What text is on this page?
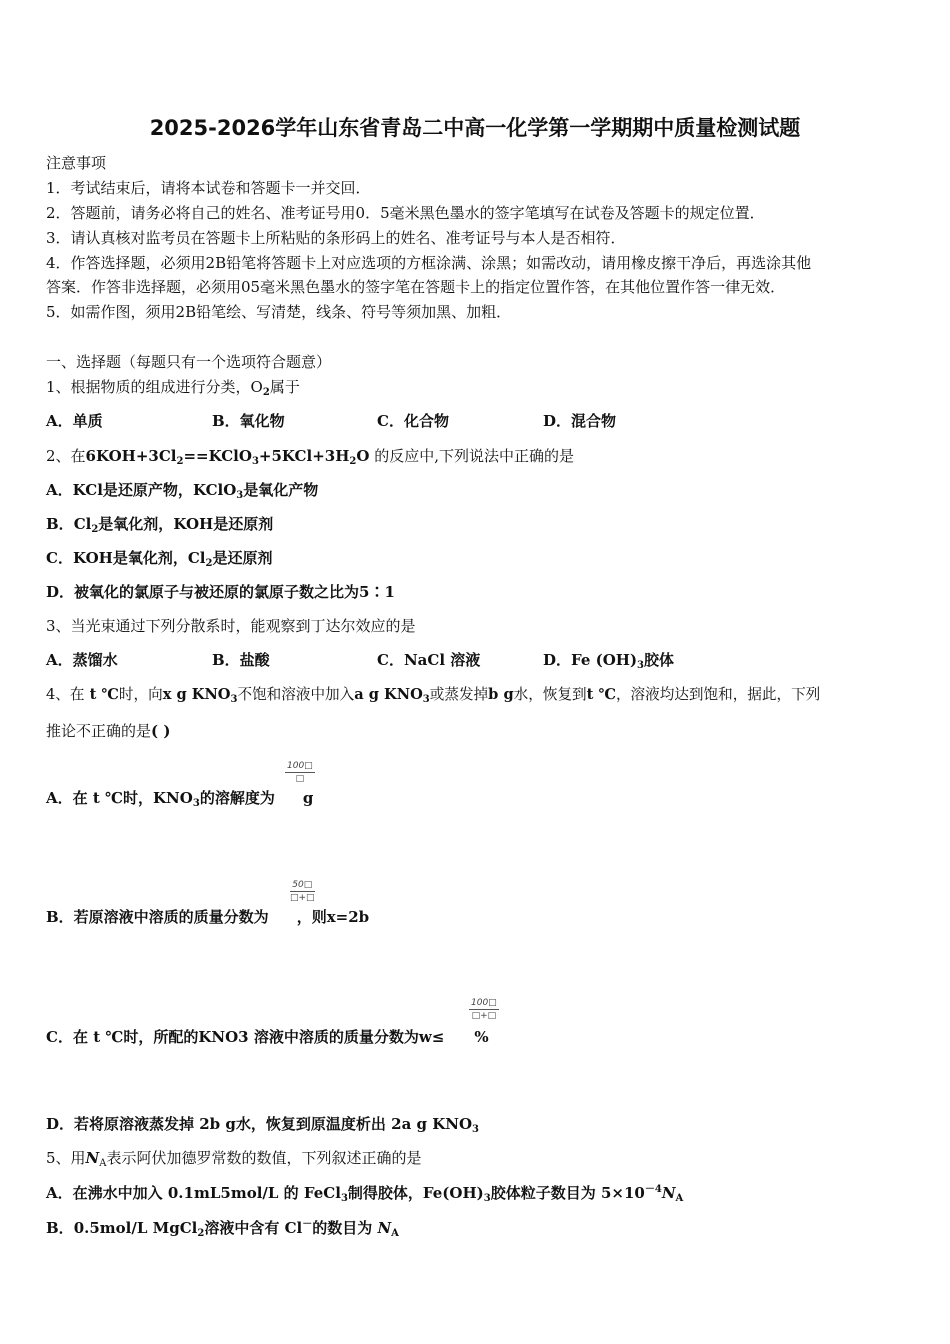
2025-2026学年山东省青岛二中高一化学第一学期期中质量检测试题
注意事项
1．考试结束后，请将本试卷和答题卡一并交回．
2．答题前，请务必将自己的姓名、准考证号用0．5毫米黑色墨水的签字笔填写在试卷及答题卡的规定位置．
3．请认真核对监考员在答题卡上所粘贴的条形码上的姓名、准考证号与本人是否相符．
4．作答选择题，必须用2B铅笔将答题卡上对应选项的方框涂满、涂黑；如需改动，请用橡皮擦干净后，再选涂其他
答案．作答非选择题，必须用05毫米黑色墨水的签字笔在答题卡上的指定位置作答，在其他位置作答一律无效．
5．如需作图，须用2B铅笔绘、写清楚，线条、符号等须加黑、加粗．
一、选择题（每题只有一个选项符合题意）
1、根据物质的组成进行分类，$O_2$属于
A．单质	B．氧化物	C．化合物	D．混合物
2、在$6KOH+3Cl_2==KClO_3+5KCl+3H_2O$ 的反应中,下列说法中正确的是
A．KCl是还原产物，KClO$_3$是氧化产物
B．$Cl_2$是氧化剂，KOH是还原剂
C．KOH是氧化剂，$Cl_2$是还原剂
D．被氧化的氯原子与被还原的氯原子数之比为5∶1
3、当光束通过下列分散系时，能观察到丁达尔效应的是
A．蒸馏水	B．盐酸	C．NaCl 溶液	D．Fe $(OH)_3$胶体
4、在 t ℃时，向x g $KNO_3$不饱和溶液中加入a g $KNO_3$或蒸发掉b g水，恢复到t ℃，溶液均达到饱和，据此，下列
推论不正确的是( )
A．在 t ℃时，$KNO_3$的溶解度为 g
100□
□
B．若原溶液中溶质的质量分数为 ，则x=2b
50□
□+□
C．在 t ℃时，所配的KNO3 溶液中溶质的质量分数为w≤ %
100□
□+□
D．若将原溶液蒸发掉 2b g水，恢复到原温度析出 2a g $KNO_3$
5、用$N_A$表示阿伏加德罗常数的数值，下列叙述正确的是
A．在沸水中加入 0.1mL5mol/L 的 FeCl$_3$制得胶体，$Fe(OH)_3$胶体粒子数目为 $5\times 10^{-4}N_A$
B．0.5mol/L MgCl$_2$溶液中含有 Cl－的数目为 $N_A$
